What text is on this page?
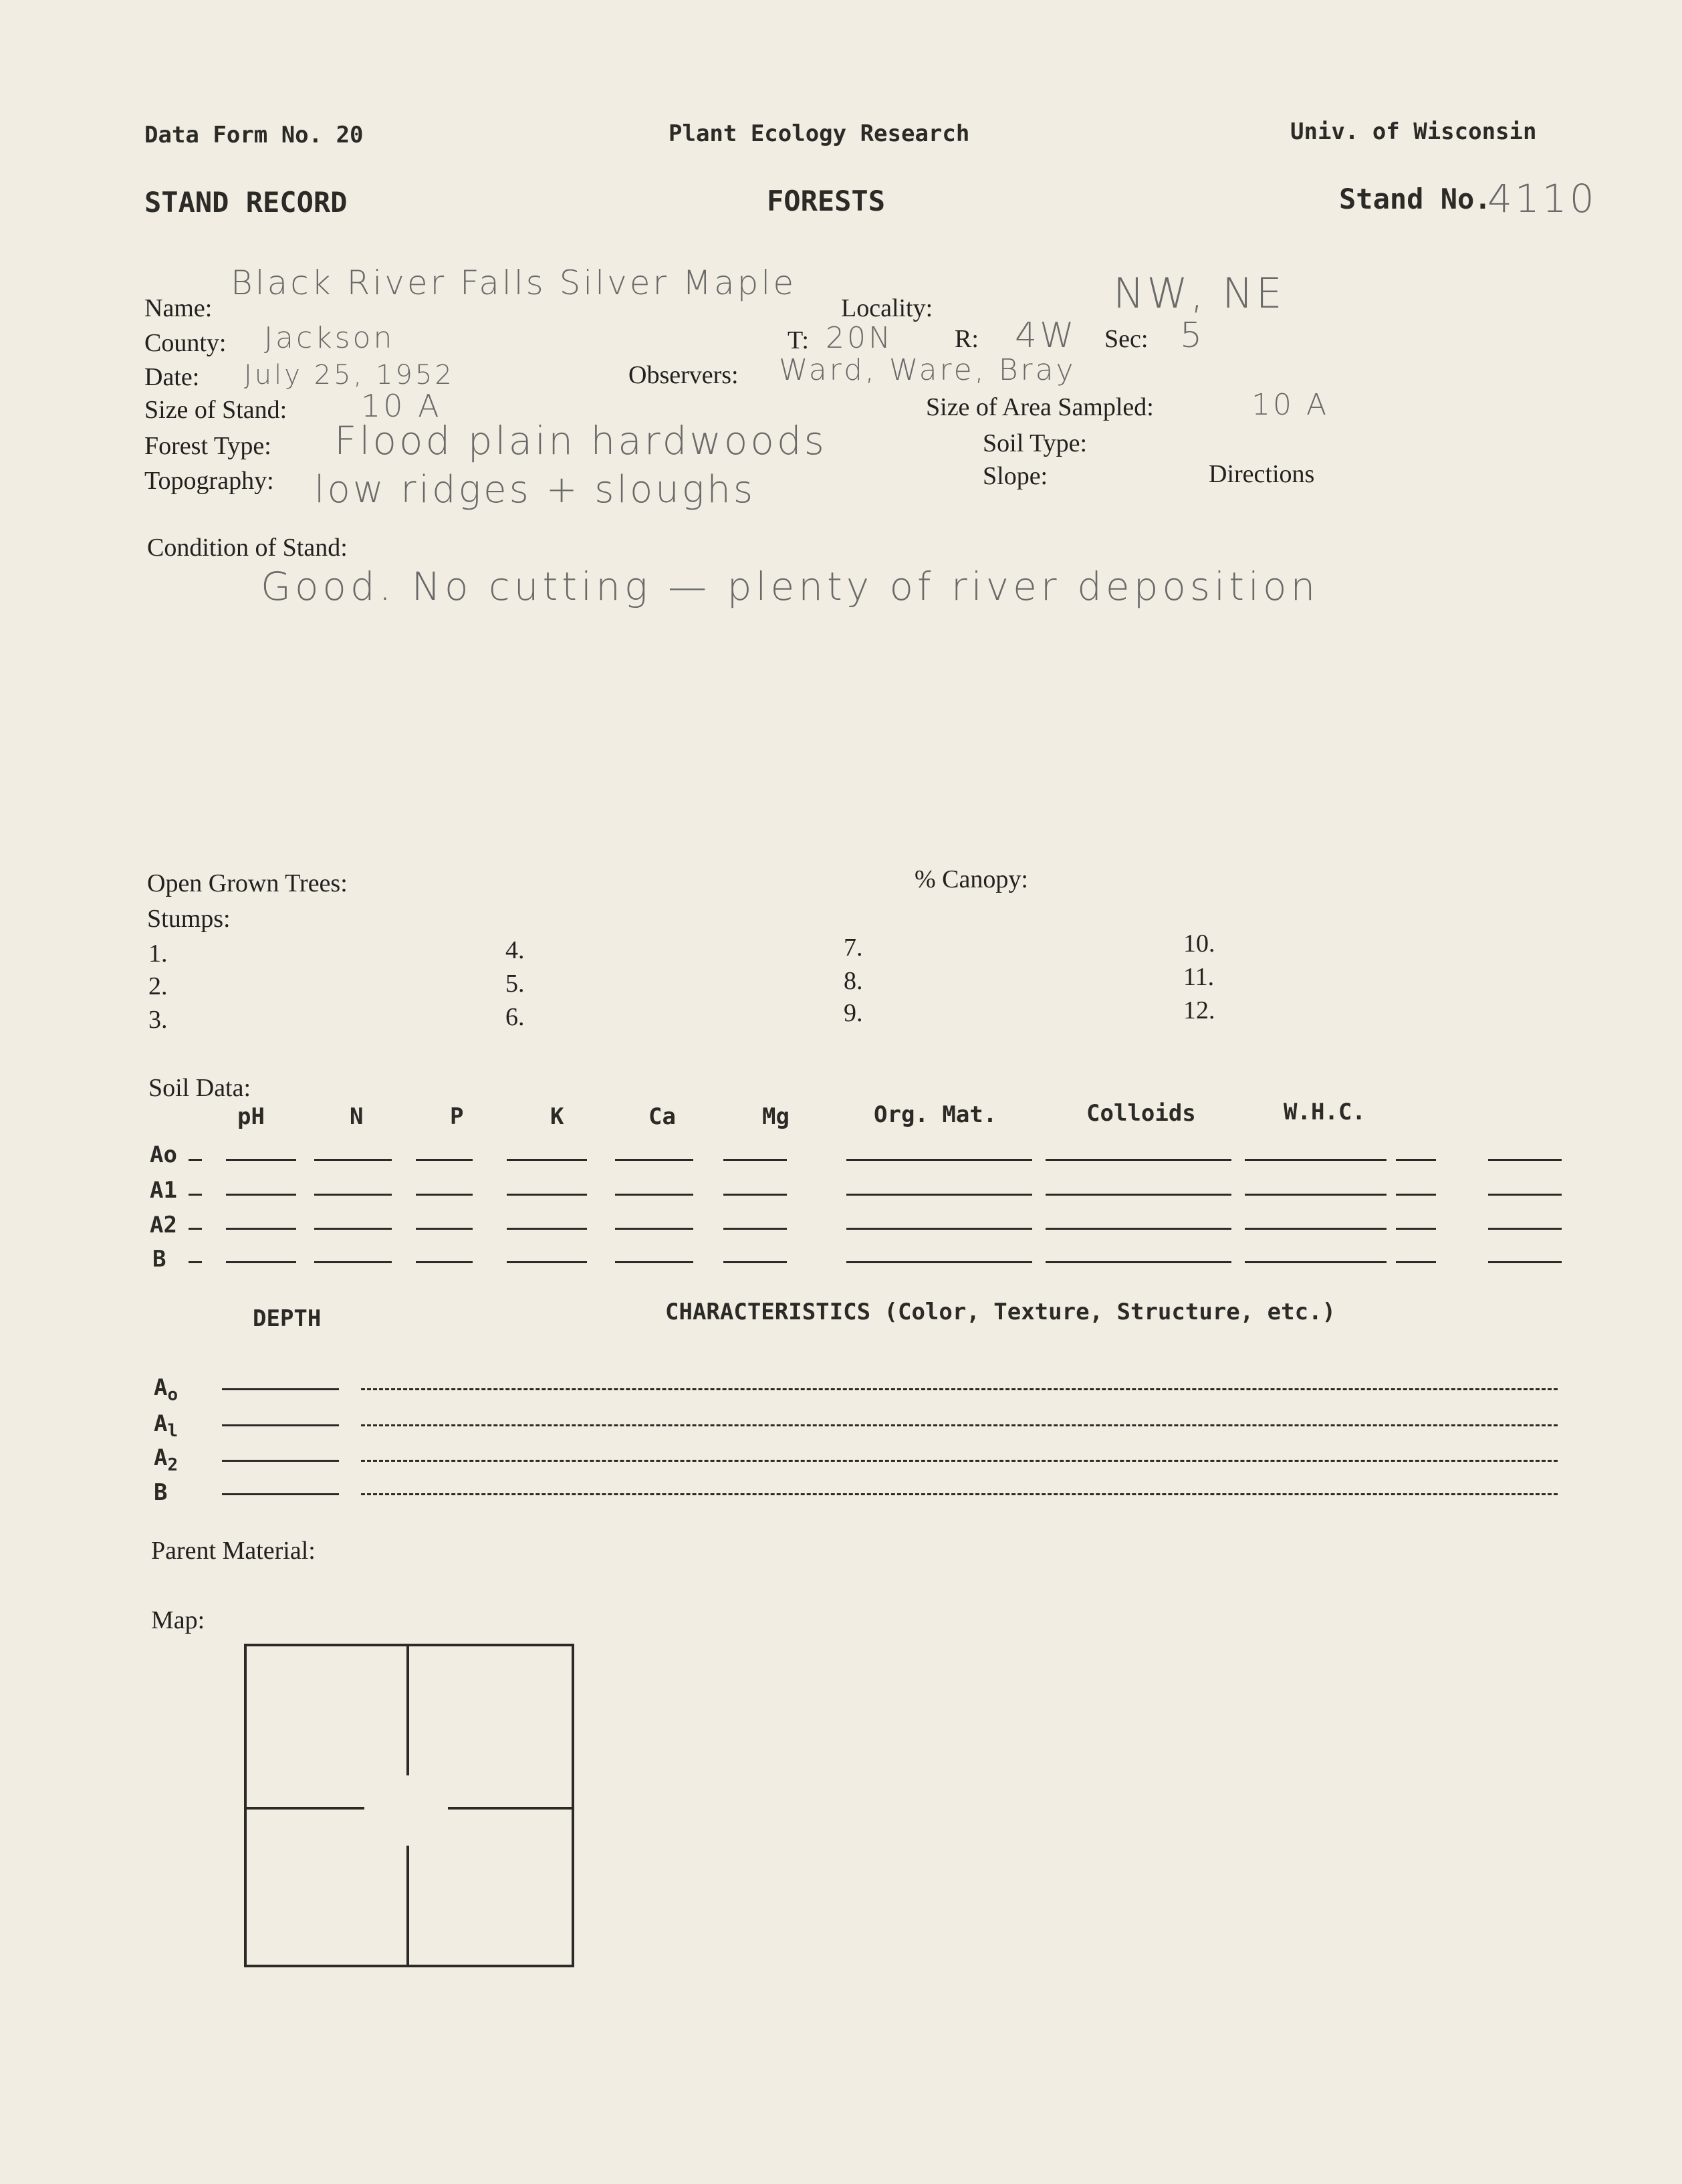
Data Form No. 20	Plant Ecology Research	Univ. of Wisconsin
STAND RECORD	FORESTS	Stand No.
4110
Name:
Black River Falls Silver Maple
Locality:	NW, NE
County: Jackson	T: 20N R: 4W Sec: 5
Date: July 25, 1952	Observers: Ward, Ware, Bray
Size of Stand: 10 A	Size of Area Sampled:	10 A
Forest Type: Flood plain hardwoods	Soil Type:
Topography: low ridges + sloughs	Slope:	Directions
Condition of Stand:
Good. No cutting — plenty of river deposition
Open Grown Trees:	% Canopy:
Stumps:
1.
2.
3.
4.
5.
6.
7.
8.
9.
10.
11.
12.
Soil Data:
pH	N	P	K	Ca	Mg	Org. Mat.	Colloids	W.H.C.
Ao
A1
A2
B
DEPTH	CHARACTERISTICS (Color, Texture, Structure, etc.)
$A_o$
$A_l$
$A_2$
B
Parent Material:
Map:
